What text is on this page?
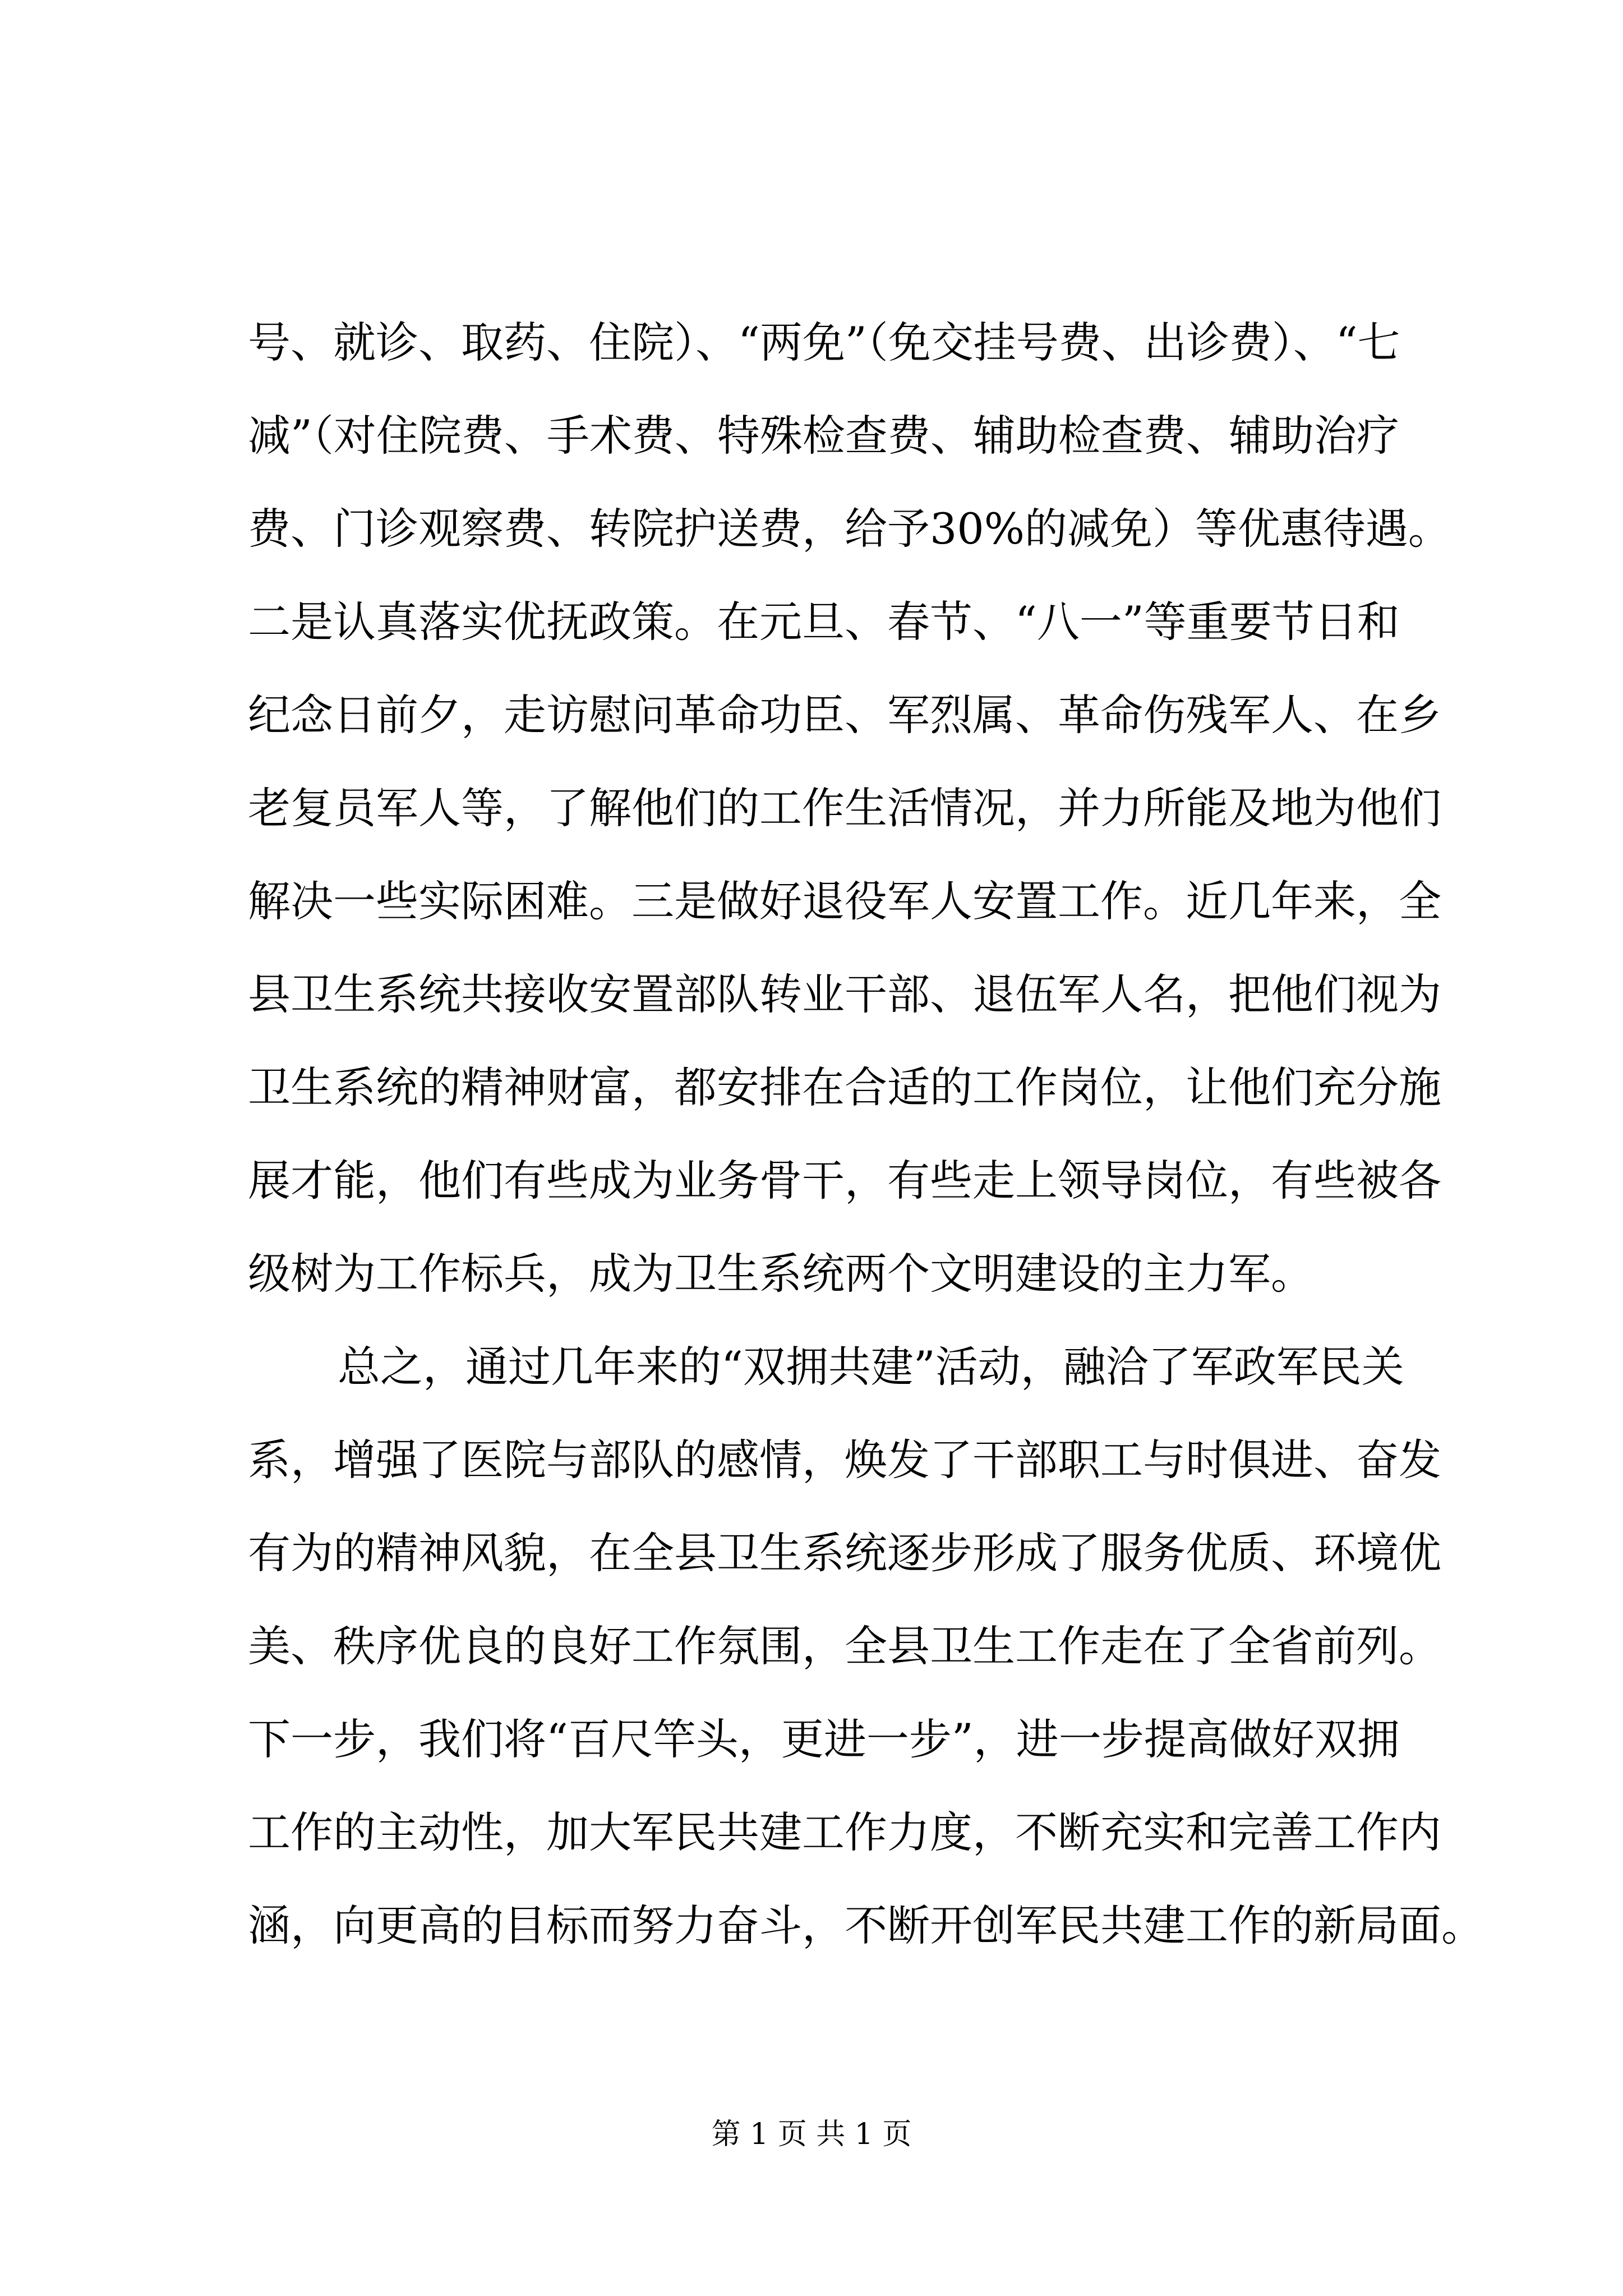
号、就诊、取药、住院）、“两免”（免交挂号费、出诊费）、“七
减”（对住院费、手术费、特殊检查费、辅助检查费、辅助治疗
费、门诊观察费、转院护送费，给予30%的减免）等优惠待遇。
二是认真落实优抚政策。在元旦、春节、“八一”等重要节日和
纪念日前夕，走访慰问革命功臣、军烈属、革命伤残军人、在乡
老复员军人等，了解他们的工作生活情况，并力所能及地为他们
解决一些实际困难。三是做好退役军人安置工作。近几年来，全
县卫生系统共接收安置部队转业干部、退伍军人名，把他们视为
卫生系统的精神财富，都安排在合适的工作岗位，让他们充分施
展才能，他们有些成为业务骨干，有些走上领导岗位，有些被各
级树为工作标兵，成为卫生系统两个文明建设的主力军。
总之，通过几年来的“双拥共建”活动，融洽了军政军民关
系，增强了医院与部队的感情，焕发了干部职工与时俱进、奋发
有为的精神风貌，在全县卫生系统逐步形成了服务优质、环境优
美、秩序优良的良好工作氛围，全县卫生工作走在了全省前列。
下一步，我们将“百尺竿头，更进一步”，进一步提高做好双拥
工作的主动性，加大军民共建工作力度，不断充实和完善工作内
涵，向更高的目标而努力奋斗，不断开创军民共建工作的新局面。
第 1 页 共 1 页
